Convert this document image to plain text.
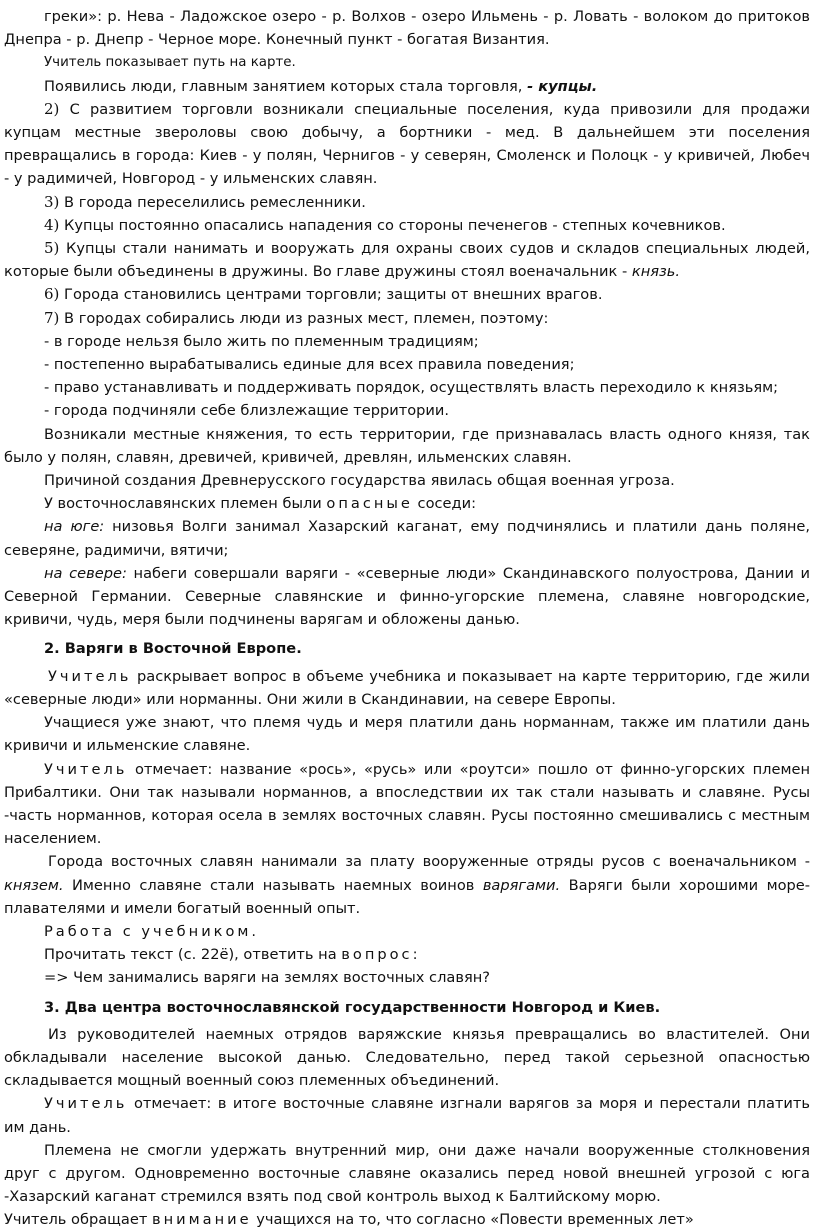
греки»: р. Нева - Ладожское озеро - р. Волхов - озеро Ильмень - р. Ловать - волоком до притоков Днепра - р. Днепр - Черное море. Конечный пункт - богатая Византия.

Учитель показывает путь на карте.

Появились люди, главным занятием которых стала торговля, - купцы.

2) С развитием торговли возникали специальные поселения, куда привозили для продажи купцам местные звероловы свою добычу, а бортники - мед. В дальнейшем эти поселения превращались в города: Киев - у полян, Чернигов - у северян, Смоленск и Полоцк - у кривичей, Любеч - у радимичей, Новгород - у ильменских славян.

3) В города переселились ремесленники.

4) Купцы постоянно опасались нападения со стороны печенегов - степных кочевников.

5) Купцы стали нанимать и вооружать для охраны своих судов и складов специальных людей, которые были объединены в дружины. Во главе дружины стоял военачальник - князь.

6) Города становились центрами торговли; защиты от внешних врагов.

7) В городах собирались люди из разных мест, племен, поэтому:

- в городе нельзя было жить по племенным традициям;

- постепенно вырабатывались единые для всех правила поведения;

- право устанавливать и поддерживать порядок, осуществлять власть переходило к князьям;

- города подчиняли себе близлежащие территории.

Возникали местные княжения, то есть территории, где признавалась власть одного князя, так было у полян, славян, древичей, кривичей, древлян, ильменских славян.

Причиной создания Древнерусского государства явилась общая военная угроза.

У восточнославянских племен были опасные соседи:

на юге: низовья Волги занимал Хазарский каганат, ему подчинялись и платили дань поляне, северяне, радимичи, вятичи;

на севере: набеги совершали варяги - «северные люди» Скандинавского полуострова, Дании и Северной Германии. Северные славянские и финно-угорские племена, славяне новгородские, кривичи, чудь, меря были подчинены варягам и обложены данью.

2. Варяги в Восточной Европе.

Учитель раскрывает вопрос в объеме учебника и показывает на карте территорию, где жили «северные люди» или норманны. Они жили в Скандинавии, на севере Европы.

Учащиеся уже знают, что племя чудь и меря платили дань норманнам, также им платили дань кривичи и ильменские славяне.

Учитель отмечает: название «рось», «русь» или «роутси» пошло от финно-угорских племен Прибалтики. Они так называли норманнов, а впоследствии их так стали называть и славяне. Русы -часть норманнов, которая осела в землях восточных славян. Русы постоянно смешивались с местным населением.

Города восточных славян нанимали за плату вооруженные отряды русов с военачальником - князем. Именно славяне стали называть наемных воинов варягами. Варяги были хорошими море-плавателями и имели богатый военный опыт.

Работа с учебником.

Прочитать текст (с. 22ё), ответить на вопрос:

=> Чем занимались варяги на землях восточных славян?

3. Два центра восточнославянской государственности Новгород и Киев.

Из руководителей наемных отрядов варяжские князья превращались во властителей. Они обкладывали население высокой данью. Следовательно, перед такой серьезной опасностью складывается мощный военный союз племенных объединений.

Учитель отмечает: в итоге восточные славяне изгнали варягов за моря и перестали платить им дань.

Племена не смогли удержать внутренний мир, они даже начали вооруженные столкновения друг с другом. Одновременно восточные славяне оказались перед новой внешней угрозой с юга -Хазарский каганат стремился взять под свой контроль выход к Балтийскому морю.

Учитель обращает внимание учащихся на то, что согласно «Повести временных лет»
